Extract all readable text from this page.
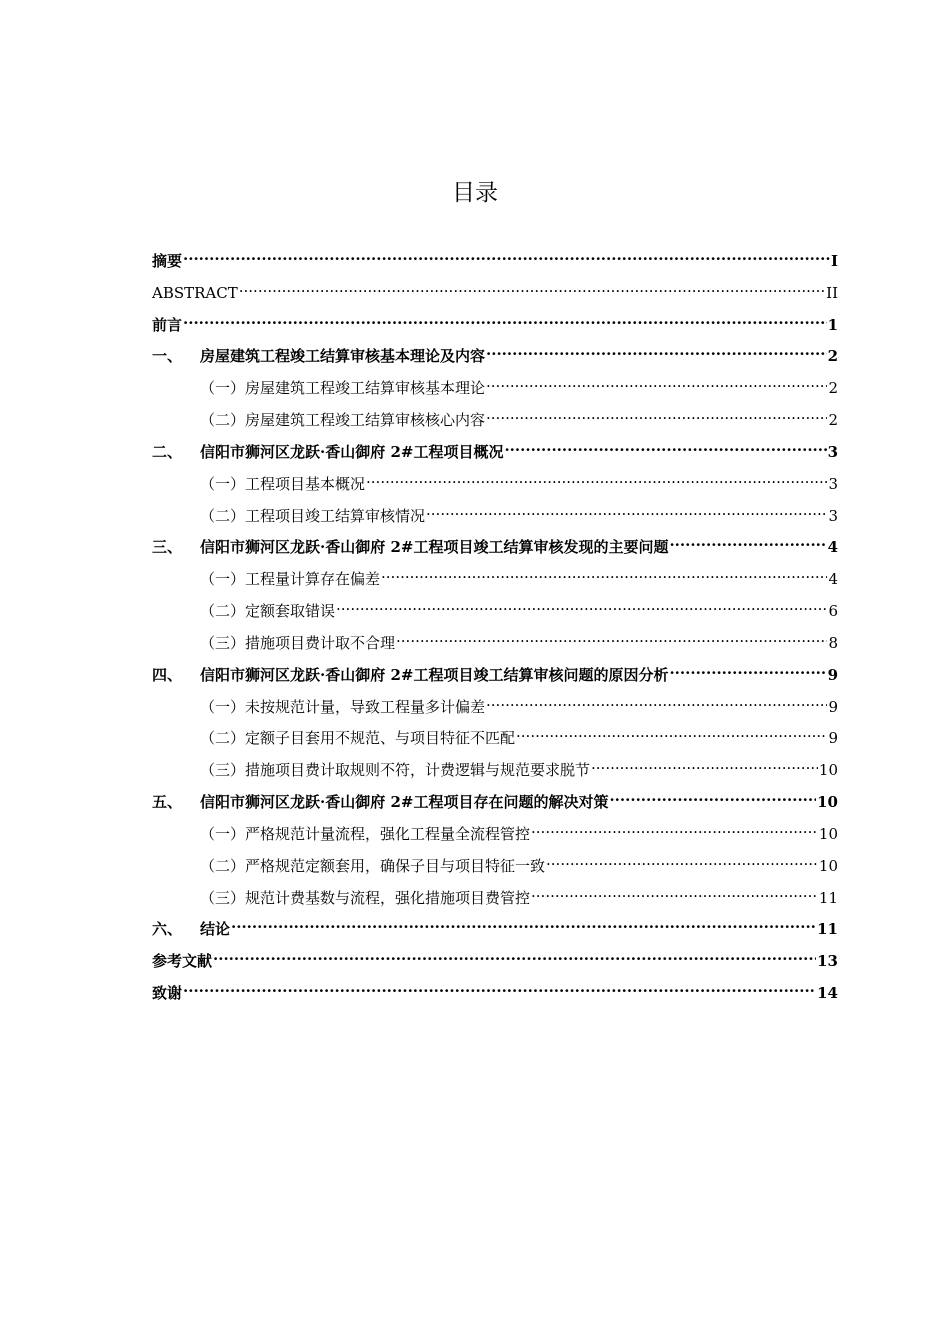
目录
摘要 .....	I
ABSTRACT .....	II
前言 .....	1
一、	房屋建筑工程竣工结算审核基本理论及内容 .....	2
（一）房屋建筑工程竣工结算审核基本理论 .....	2
（二）房屋建筑工程竣工结算审核核心内容 .....	2
二、	信阳市狮河区龙跃·香山御府 2#工程项目概况 .....	3
（一）工程项目基本概况 .....	3
（二）工程项目竣工结算审核情况 .....	3
三、	信阳市狮河区龙跃·香山御府 2#工程项目竣工结算审核发现的主要问题 .....	4
（一）工程量计算存在偏差 .....	4
（二）定额套取错误 .....	6
（三）措施项目费计取不合理 .....	8
四、	信阳市狮河区龙跃·香山御府 2#工程项目竣工结算审核问题的原因分析 .....	9
（一）未按规范计量，导致工程量多计偏差 .....	9
（二）定额子目套用不规范、与项目特征不匹配 .....	9
（三）措施项目费计取规则不符，计费逻辑与规范要求脱节 .....	10
五、	信阳市狮河区龙跃·香山御府 2#工程项目存在问题的解决对策 .....	10
（一）严格规范计量流程，强化工程量全流程管控 .....	10
（二）严格规范定额套用，确保子目与项目特征一致 .....	10
（三）规范计费基数与流程，强化措施项目费管控 .....	11
六、	结论 .....	11
参考文献 .....	13
致谢 .....	14
